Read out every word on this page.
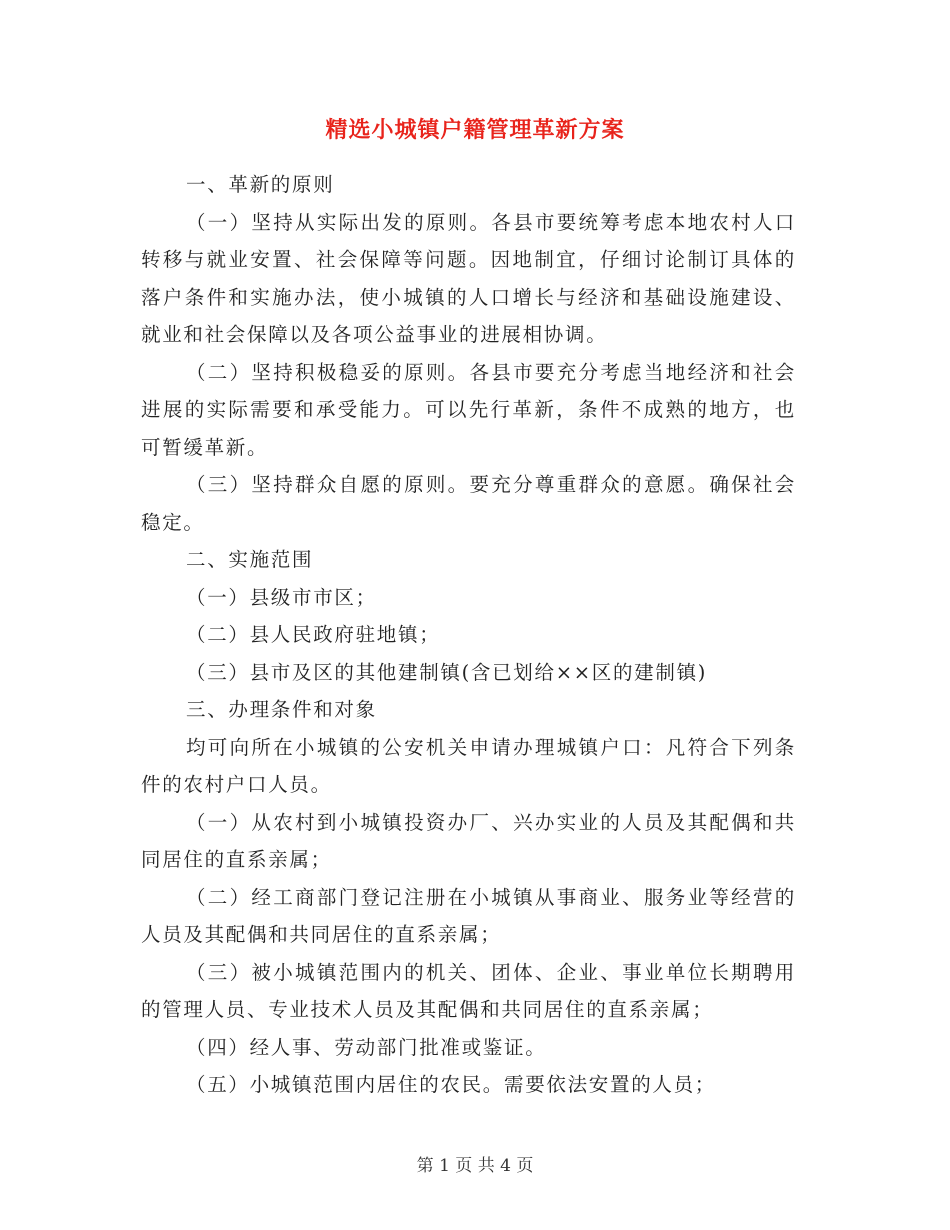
精选小城镇户籍管理革新方案

一、革新的原则

（一）坚持从实际出发的原则。各县市要统筹考虑本地农村人口转移与就业安置、社会保障等问题。因地制宜，仔细讨论制订具体的落户条件和实施办法，使小城镇的人口增长与经济和基础设施建设、就业和社会保障以及各项公益事业的进展相协调。

（二）坚持积极稳妥的原则。各县市要充分考虑当地经济和社会进展的实际需要和承受能力。可以先行革新，条件不成熟的地方，也可暂缓革新。

（三）坚持群众自愿的原则。要充分尊重群众的意愿。确保社会稳定。

二、实施范围

（一）县级市市区；

（二）县人民政府驻地镇；

（三）县市及区的其他建制镇(含已划给××区的建制镇)

三、办理条件和对象

均可向所在小城镇的公安机关申请办理城镇户口：凡符合下列条件的农村户口人员。

（一）从农村到小城镇投资办厂、兴办实业的人员及其配偶和共同居住的直系亲属；

（二）经工商部门登记注册在小城镇从事商业、服务业等经营的人员及其配偶和共同居住的直系亲属；

（三）被小城镇范围内的机关、团体、企业、事业单位长期聘用的管理人员、专业技术人员及其配偶和共同居住的直系亲属；

（四）经人事、劳动部门批准或鉴证。

（五）小城镇范围内居住的农民。需要依法安置的人员；

第 1 页 共 4 页
